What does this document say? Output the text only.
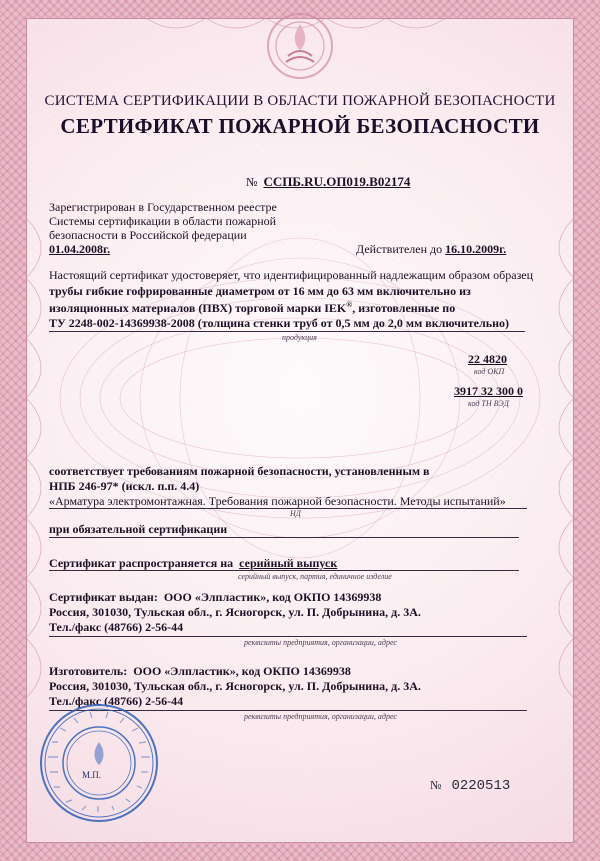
СИСТЕМА СЕРТИФИКАЦИИ В ОБЛАСТИ ПОЖАРНОЙ БЕЗОПАСНОСТИ
СЕРТИФИКАТ ПОЖАРНОЙ БЕЗОПАСНОСТИ
№ ССПБ.RU.ОП019.В02174
Зарегистрирован в Государственном реестре
Системы сертификации в области пожарной
безопасности в Российской федерации
01.04.2008г.	Действителен до 16.10.2009г.
Настоящий сертификат удостоверяет, что идентифицированный надлежащим образом образец
трубы гибкие гофрированные диаметром от 16 мм до 63 мм включительно из
изоляционных материалов (ПВХ) торговой марки IEK®, изготовленные по
ТУ 2248-002-14369938-2008 (толщина стенки труб от 0,5 мм до 2,0 мм включительно)
продукция
22 4820
код ОКП
3917 32 300 0
код ТН ВЭД
соответствует требованиям пожарной безопасности, установленным в
НПБ 246-97* (искл. п.п. 4.4)
«Арматура электромонтажная. Требования пожарной безопасности. Методы испытаний»
НД
при обязательной сертификации
Сертификат распространяется на серийный выпуск
серийный выпуск, партия, единичное изделие
Сертификат выдан: ООО «Элпластик», код ОКПО 14369938
Россия, 301030, Тульская обл., г. Ясногорск, ул. П. Добрынина, д. 3А.
Тел./факс (48766) 2-56-44
реквизиты предприятия, организации, адрес
Изготовитель: ООО «Элпластик», код ОКПО 14369938
Россия, 301030, Тульская обл., г. Ясногорск, ул. П. Добрынина, д. 3А.
Тел./факс (48766) 2-56-44
реквизиты предприятия, организации, адрес
М.П.
№ 0220513
